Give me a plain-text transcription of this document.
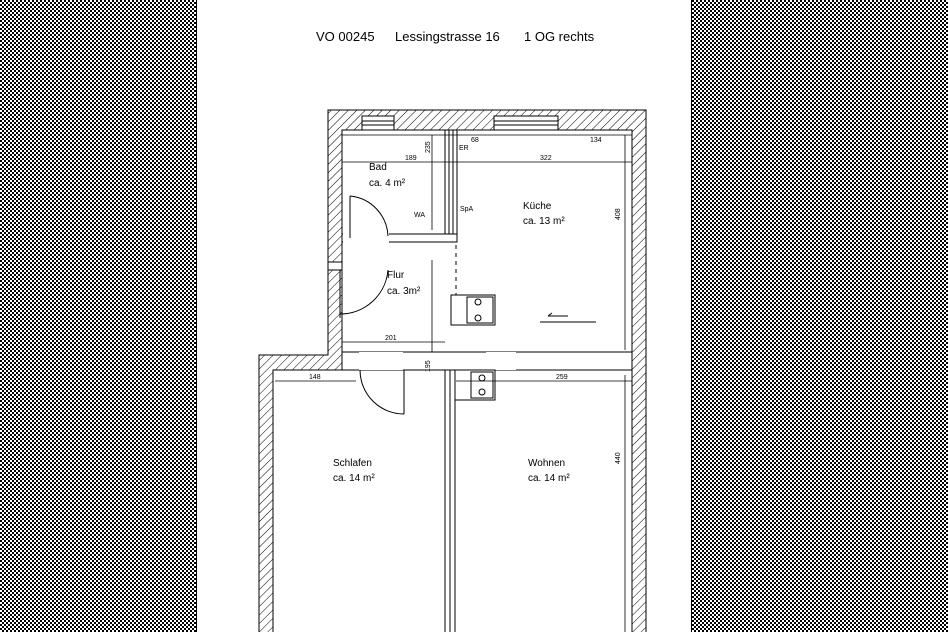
VO 00245 Lessingstrasse 16 1 OG rechts
Bad
ca. 4 m²
Küche
ca. 13 m²
Flur
ca. 3m²
Schlafen
ca. 14 m²
Wohnen
ca. 14 m²
WA
SpA
ER
189	322
68	134
201
148	259
235
408
195
440
